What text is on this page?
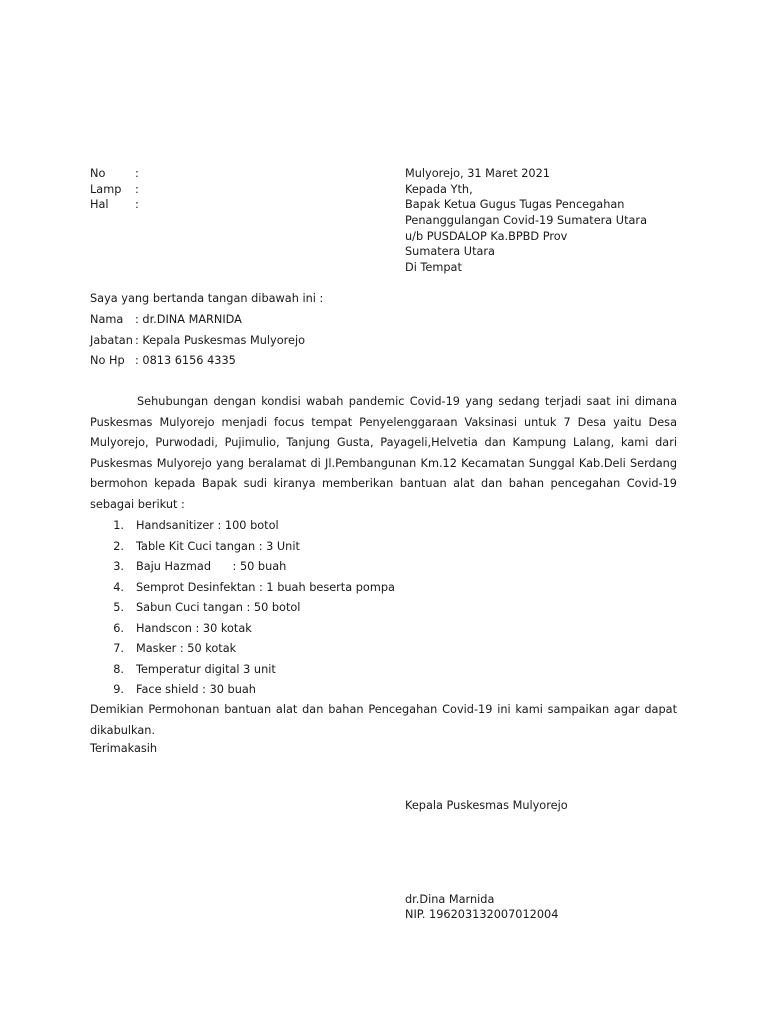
No	:
Lamp :
Hal :
Mulyorejo, 31 Maret 2021
Kepada Yth,
Bapak Ketua Gugus Tugas Pencegahan
Penanggulangan Covid-19 Sumatera Utara
u/b PUSDALOP Ka.BPBD Prov
Sumatera Utara
Di Tempat
Saya yang bertanda tangan dibawah ini :
Nama : dr.DINA MARNIDA
Jabatan : Kepala Puskesmas Mulyorejo
No Hp : 0813 6156 4335
Sehubungan dengan kondisi wabah pandemic Covid-19 yang sedang terjadi saat ini dimana
Puskesmas Mulyorejo menjadi focus tempat Penyelenggaraan Vaksinasi untuk 7 Desa yaitu Desa
Mulyorejo, Purwodadi, Pujimulio, Tanjung Gusta, Payageli,Helvetia dan Kampung Lalang, kami dari
Puskesmas Mulyorejo yang beralamat di Jl.Pembangunan Km.12 Kecamatan Sunggal Kab.Deli Serdang
bermohon kepada Bapak sudi kiranya memberikan bantuan alat dan bahan pencegahan Covid-19
sebagai berikut :
1. Handsanitizer : 100 botol
2. Table Kit Cuci tangan : 3 Unit
3. Baju Hazmad      : 50 buah
4. Semprot Desinfektan : 1 buah beserta pompa
5. Sabun Cuci tangan : 50 botol
6. Handscon : 30 kotak
7. Masker : 50 kotak
8. Temperatur digital 3 unit
9. Face shield : 30 buah
Demikian Permohonan bantuan alat dan bahan Pencegahan Covid-19 ini kami sampaikan agar dapat
dikabulkan.
Terimakasih
Kepala Puskesmas Mulyorejo
dr.Dina Marnida
NIP. 196203132007012004
